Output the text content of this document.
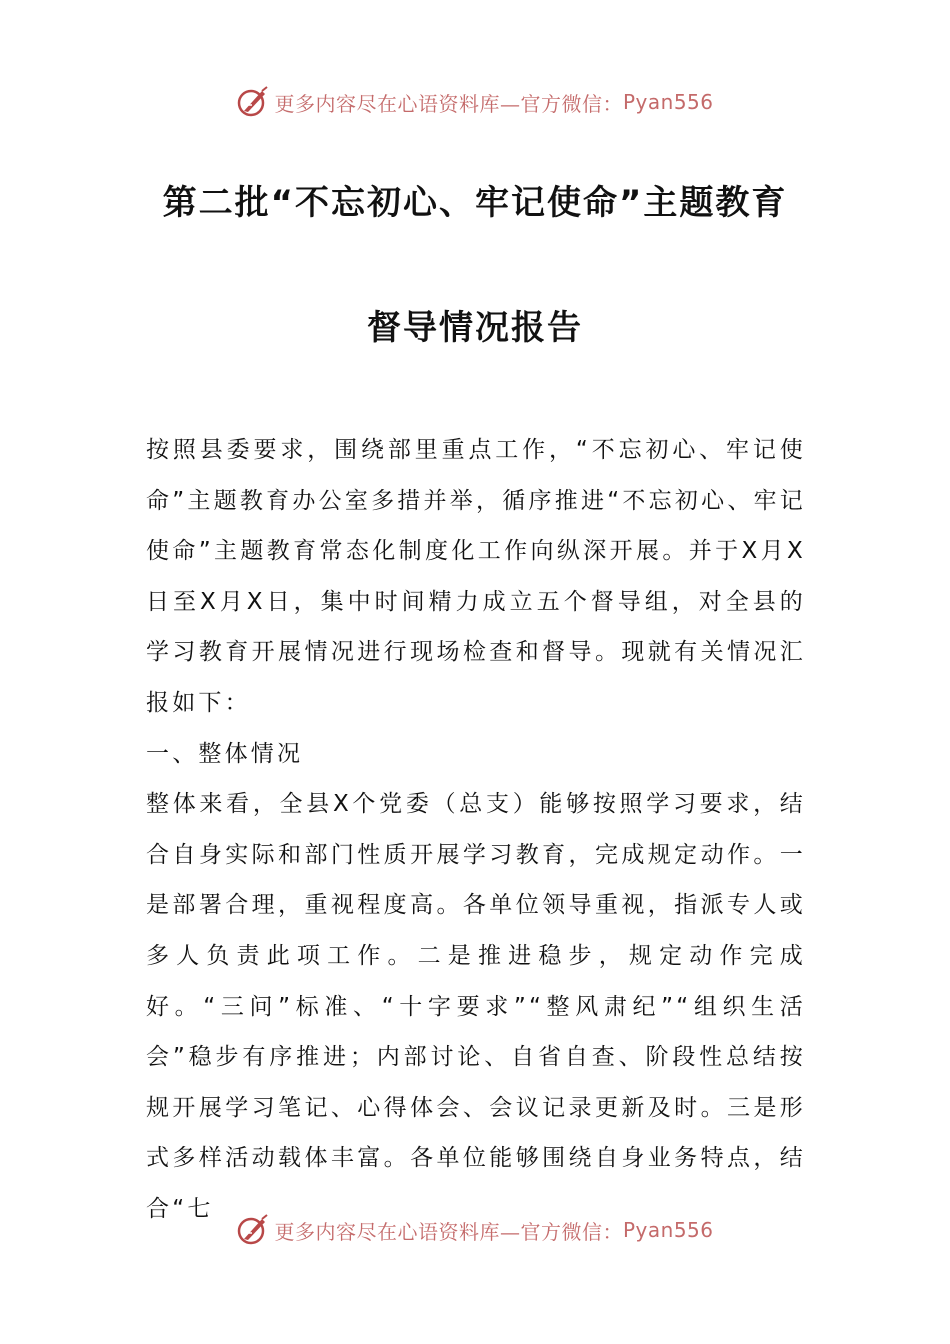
更多内容尽在心语资料库—官方微信： Pyan556
第二批“不忘初心、牢记使命”主题教育
督导情况报告

按照县委要求，围绕部里重点工作，“不忘初心、牢记使命”主题教育办公室多措并举，循序推进“不忘初心、牢记使命”主题教育常态化制度化工作向纵深开展。并于X月X日至X月X日，集中时间精力成立五个督导组，对全县的学习教育开展情况进行现场检查和督导。现就有关情况汇报如下：

一、整体情况

整体来看，全县X个党委（总支）能够按照学习要求，结合自身实际和部门性质开展学习教育，完成规定动作。一是部署合理，重视程度高。各单位领导重视，指派专人或多人负责此项工作。二是推进稳步，规定动作完成好。“三问”标准、“十字要求”“整风肃纪”“组织生活会”稳步有序推进；内部讨论、自省自查、阶段性总结按规开展学习笔记、心得体会、会议记录更新及时。三是形式多样活动载体丰富。各单位能够围绕自身业务特点，结合“七

更多内容尽在心语资料库—官方微信： Pyan556
